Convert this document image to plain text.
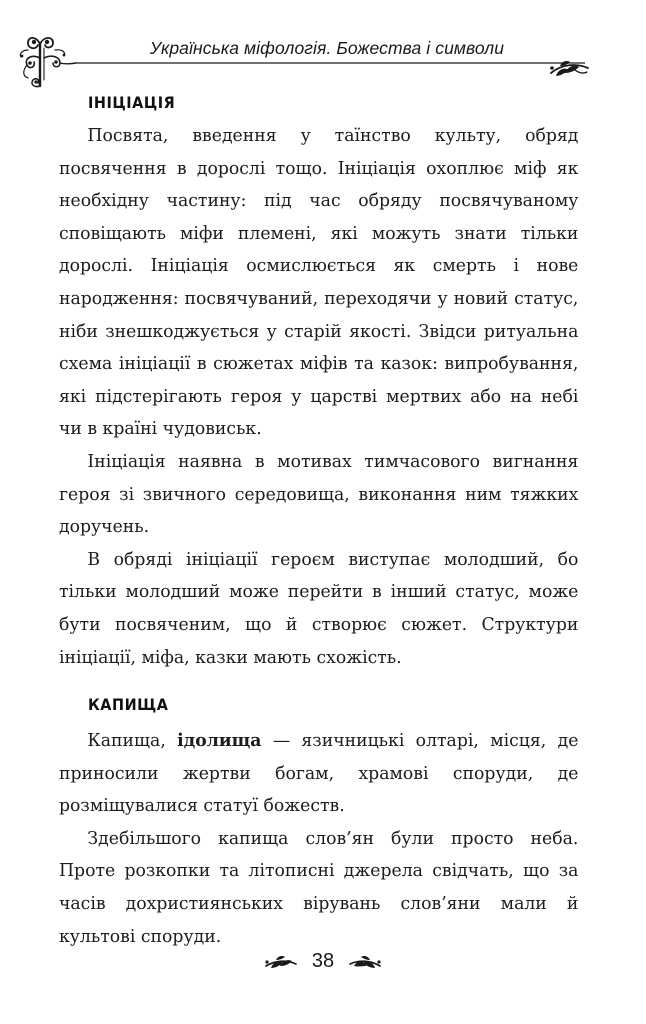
Українська міфологія. Божества і символи
ІНІЦІАЦІЯ

Посвята, введення у таїнство культу, обряд посвячення в дорослі тощо. Ініціація охоплює міф як необхідну частину: під час обряду посвячуваному сповіщають міфи племені, які можуть знати тільки дорослі. Ініціація осмислюється як смерть і нове народження: посвячуваний, переходячи у новий статус, ніби знешкоджується у старій якості. Звідси ритуальна схема ініціації в сюжетах міфів та казок: випробування, які підстерігають героя у царстві мертвих або на небі чи в країні чудовиськ.

Ініціація наявна в мотивах тимчасового вигнання героя зі звичного середовища, виконання ним тяжких доручень.

В обряді ініціації героєм виступає молодший, бо тільки молодший може перейти в інший статус, може бути посвяченим, що й створює сюжет. Структури ініціації, міфа, казки мають схожість.

КАПИЩА

Капища, ідолища — язичницькі олтарі, місця, де приносили жертви богам, храмові споруди, де розміщувалися статуї божеств.

Здебільшого капища слов’ян були просто неба. Проте розкопки та літописні джерела свідчать, що за часів дохристиянських вірувань слов’яни мали й культові споруди.

38
